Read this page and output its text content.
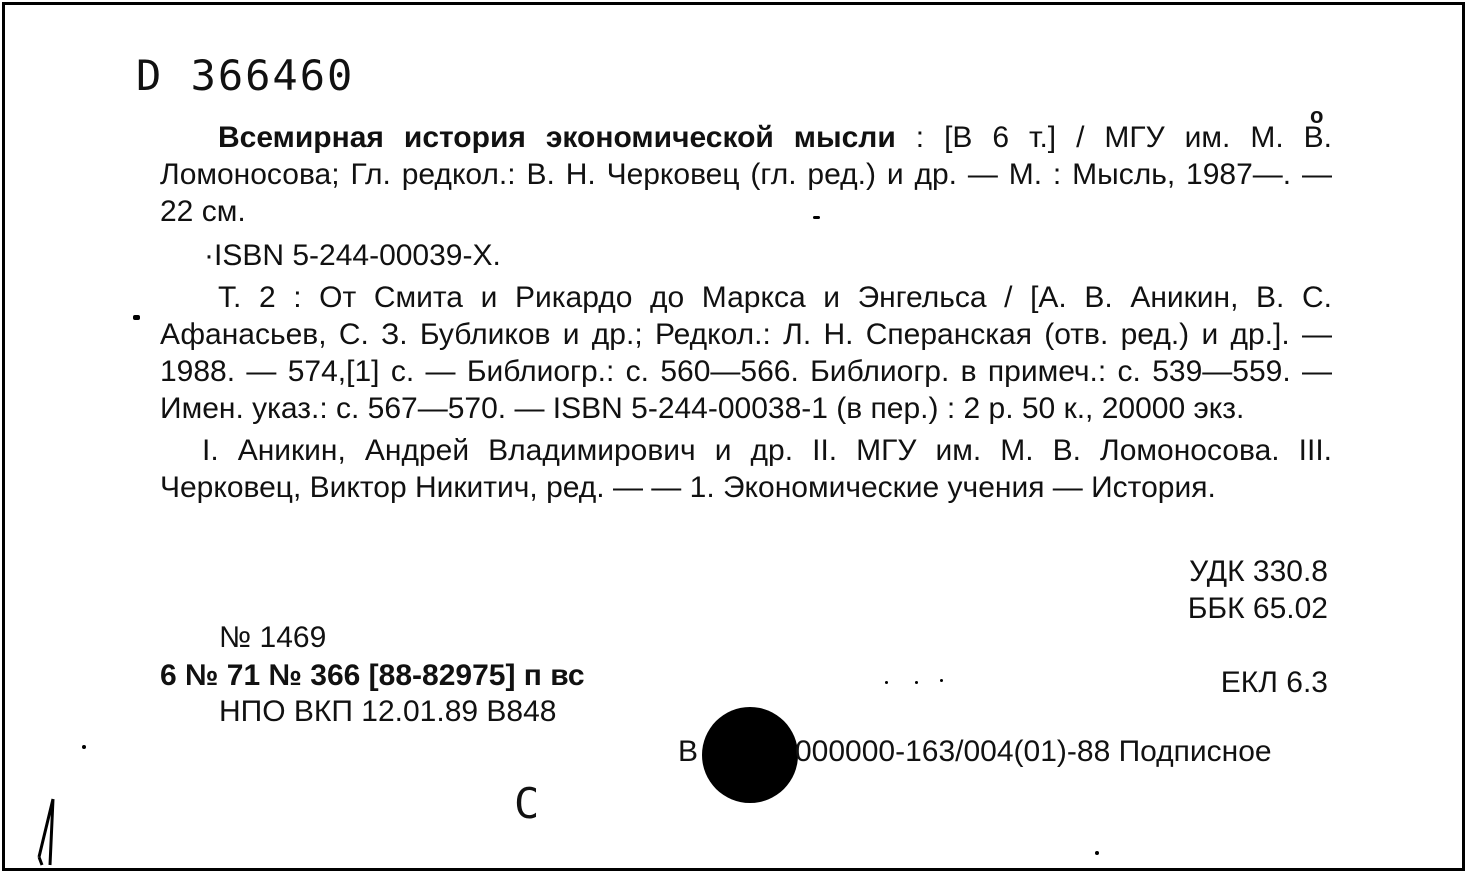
D 366460
o

Всемирная история экономической мысли : [В 6 т.] / МГУ им. М. В. Ломоносова; Гл. редкол.: В. Н. Черковец (гл. ред.) и др. — М. : Мысль, 1987—. — 22 см.

·ISBN 5-244-00039-X.

Т. 2 : От Смита и Рикардо до Маркса и Энгельса / [А. В. Аникин, В. С. Афанасьев, С. З. Бубликов и др.; Редкол.: Л. Н. Сперанская (отв. ред.) и др.]. — 1988. — 574,[1] с. — Библиогр.: с. 560—566. Библиогр. в примеч.: с. 539—559. — Имен. указ.: с. 567—570. — ISBN 5-244-00038-1 (в пер.) : 2 р. 50 к., 20000 экз.

I. Аникин, Андрей Владимирович и др. II. МГУ им. М. В. Ломоносова. III. Черковец, Виктор Никитич, ред. — — 1. Экономические учения — История.

УДК 330.8
ББК 65.02
№ 1469
6 № 71 № 366 [88-82975] п вс
НПО ВКП 12.01.89 В848
ЕКЛ 6.3
В	000000-163/004(01)-88 Подписное
С
